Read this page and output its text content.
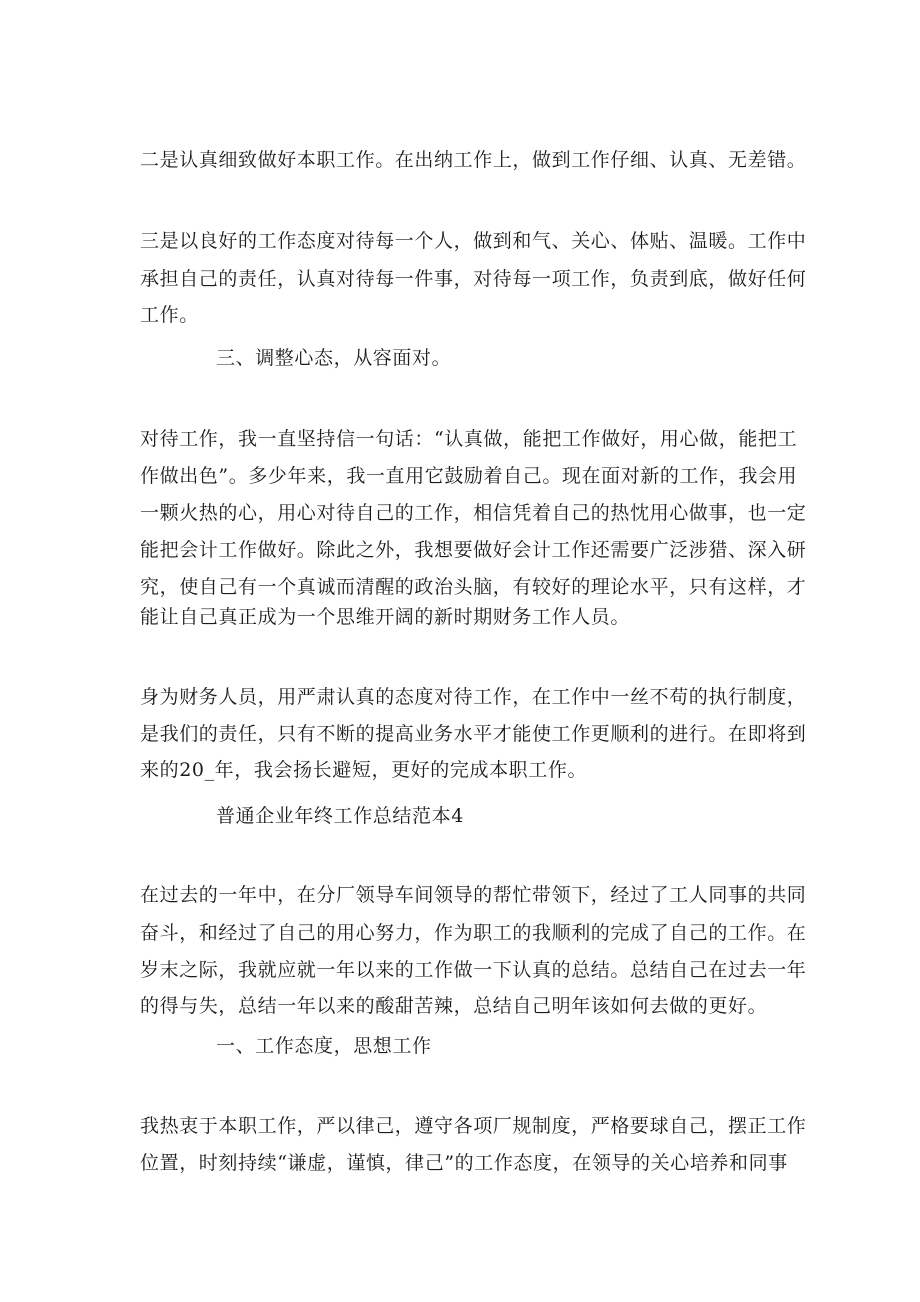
二是认真细致做好本职工作。在出纳工作上，做到工作仔细、认真、无差错。
三是以良好的工作态度对待每一个人，做到和气、关心、体贴、温暖。工作中
承担自己的责任，认真对待每一件事，对待每一项工作，负责到底，做好任何
工作。
三、调整心态，从容面对。
对待工作，我一直坚持信一句话：“认真做，能把工作做好，用心做，能把工
作做出色”。多少年来，我一直用它鼓励着自己。现在面对新的工作，我会用
一颗火热的心，用心对待自己的工作，相信凭着自己的热忱用心做事，也一定
能把会计工作做好。除此之外，我想要做好会计工作还需要广泛涉猎、深入研
究，使自己有一个真诚而清醒的政治头脑，有较好的理论水平，只有这样，才
能让自己真正成为一个思维开阔的新时期财务工作人员。
身为财务人员，用严肃认真的态度对待工作，在工作中一丝不苟的执行制度，
是我们的责任，只有不断的提高业务水平才能使工作更顺利的进行。在即将到
来的20_年，我会扬长避短，更好的完成本职工作。
普通企业年终工作总结范本4
在过去的一年中，在分厂领导车间领导的帮忙带领下，经过了工人同事的共同
奋斗，和经过了自己的用心努力，作为职工的我顺利的完成了自己的工作。在
岁末之际，我就应就一年以来的工作做一下认真的总结。总结自己在过去一年
的得与失，总结一年以来的酸甜苦辣，总结自己明年该如何去做的更好。
一、工作态度，思想工作
我热衷于本职工作，严以律己，遵守各项厂规制度，严格要球自己，摆正工作
位置，时刻持续“谦虚，谨慎，律己”的工作态度，在领导的关心培养和同事
